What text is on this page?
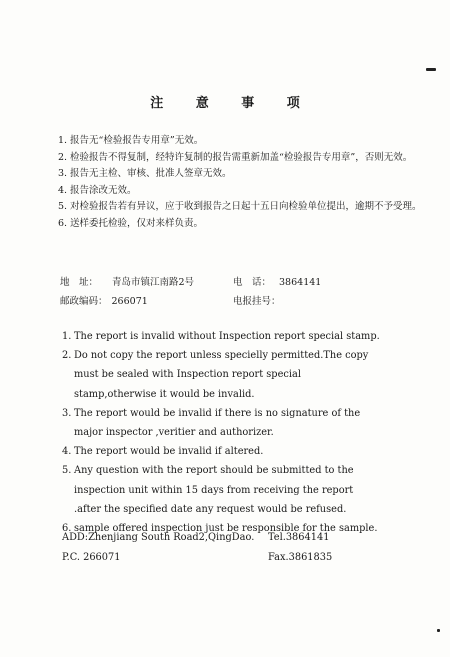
注 意 事 项
1. 报告无“检验报告专用章”无效。
2. 检验报告不得复制，经特许复制的报告需重新加盖“检验报告专用章”，否则无效。
3. 报告无主检、审核、批准人签章无效。
4. 报告涂改无效。
5. 对检验报告若有异议，应于收到报告之日起十五日向检验单位提出，逾期不予受理。
6. 送样委托检验，仅对来样负责。
地　址： 青岛市镇江南路2号	电　话： 3864141
邮政编码： 266071	电报挂号：
1. The report is invalid without Inspection report special stamp.
2. Do not copy the report unless specielly permitted.The copy must be sealed with Inspection report special stamp,otherwise it would be invalid.
3. The report would be invalid if there is no signature of the major inspector ,veritier and authorizer.
4. The report would be invalid if altered.
5. Any question with the report should be submitted to the inspection unit within 15 days from receiving the report .after the specified date any request would be refused.
6. sample offered inspection just be responsible for the sample.
ADD:Zhenjiang South Road2,QingDao. Tel.3864141
P.C. 266071	Fax.3861835
